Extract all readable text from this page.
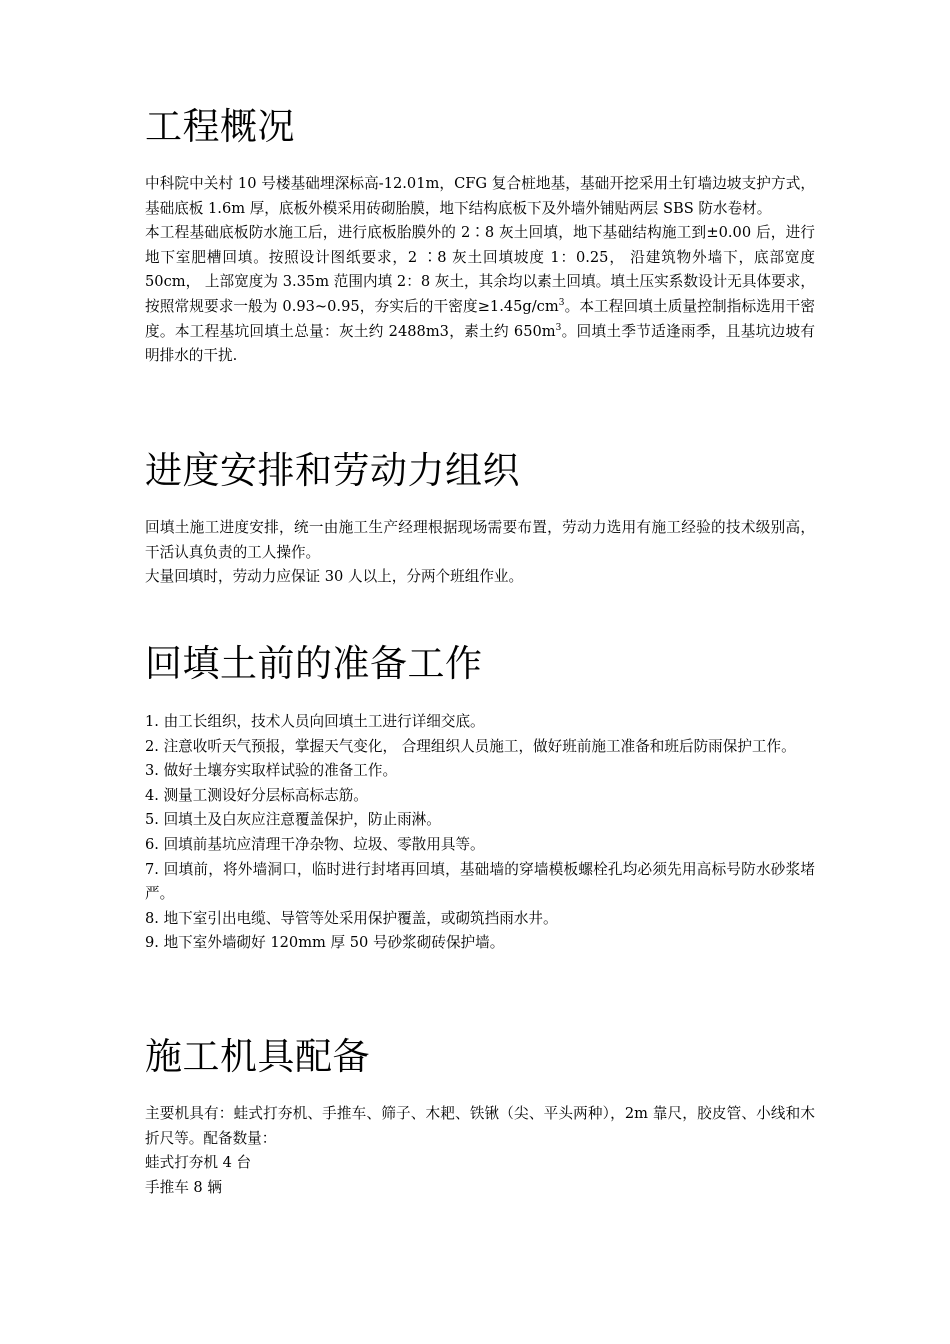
工程概况

中科院中关村 10 号楼基础埋深标高-12.01m，CFG 复合桩地基，基础开挖采用土钉墙边坡支护方式，基础底板 1.6m 厚，底板外模采用砖砌胎膜，地下结构底板下及外墙外铺贴两层 SBS 防水卷材。

本工程基础底板防水施工后，进行底板胎膜外的 2∶8 灰土回填，地下基础结构施工到±0.00 后，进行地下室肥槽回填。按照设计图纸要求，2 ∶8 灰土回填坡度 1：0.25， 沿建筑物外墙下，底部宽度 50cm， 上部宽度为 3.35m 范围内填 2：8 灰土，其余均以素土回填。填土压实系数设计无具体要求，按照常规要求一般为 0.93~0.95，夯实后的干密度$\ge 1.45g/cm^3$。本工程回填土质量控制指标选用干密度。本工程基坑回填土总量：灰土约 2488m3，素土约 $650m^3$。回填土季节适逢雨季，且基坑边坡有明排水的干扰.

进度安排和劳动力组织

回填土施工进度安排，统一由施工生产经理根据现场需要布置，劳动力选用有施工经验的技术级别高，干活认真负责的工人操作。

大量回填时，劳动力应保证 30 人以上，分两个班组作业。

回填土前的准备工作

1. 由工长组织，技术人员向回填土工进行详细交底。

2. 注意收听天气预报，掌握天气变化， 合理组织人员施工，做好班前施工准备和班后防雨保护工作。

3. 做好土壤夯实取样试验的准备工作。

4. 测量工测设好分层标高标志筋。

5. 回填土及白灰应注意覆盖保护，防止雨淋。

6. 回填前基坑应清理干净杂物、垃圾、零散用具等。

7. 回填前，将外墙洞口，临时进行封堵再回填，基础墙的穿墙模板螺栓孔均必须先用高标号防水砂浆堵严。

8. 地下室引出电缆、导管等处采用保护覆盖，或砌筑挡雨水井。

9. 地下室外墙砌好 120mm 厚 50 号砂浆砌砖保护墙。

施工机具配备

主要机具有：蛙式打夯机、手推车、筛子、木耙、铁锹（尖、平头两种），2m 靠尺，胶皮管、小线和木折尺等。配备数量：

蛙式打夯机 4 台

手推车 8 辆
